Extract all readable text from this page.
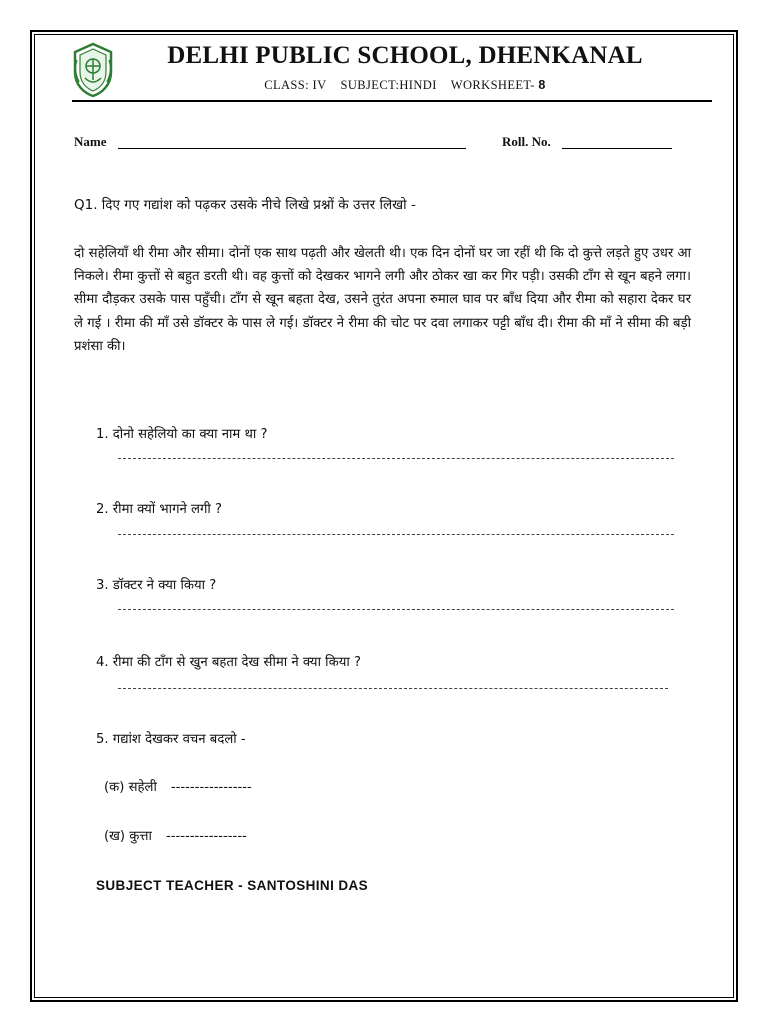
DELHI PUBLIC SCHOOL, DHENKANAL
CLASS: IV SUBJECT:HINDI WORKSHEET- 8
Name	Roll. No.
Q1. दिए गए गद्यांश को पढ़कर उसके नीचे लिखे प्रश्नों के उत्तर लिखो -
दो सहेलियाँ थी रीमा और सीमा। दोनों एक साथ पढ़ती और खेलती थी। एक दिन दोनों घर जा रहीं थी कि दो कुत्ते लड़ते हुए उधर आ निकले। रीमा कुत्तों से बहुत डरती थी। वह कुत्तों को देखकर भागने लगी और ठोकर खा कर गिर पड़ी। उसकी टाँग से खून बहने लगा। सीमा दौड़कर उसके पास पहुँची। टाँग से खून बहता देख, उसने तुरंत अपना रुमाल घाव पर बाँध दिया और रीमा को सहारा देकर घर ले गई । रीमा की माँ उसे डॉक्टर के पास ले गई। डॉक्टर ने रीमा की चोट पर दवा लगाकर पट्टी बाँध दी। रीमा की माँ ने सीमा की बड़ी प्रशंसा की।
1. दोनो सहेलियो का क्या नाम था ?
2. रीमा क्यों भागने लगी ?
3. डॉक्टर ने क्या किया ?
4. रीमा की टाँग से खुन बहता देख सीमा ने क्या किया ?
5. गद्यांश देखकर वचन बदलो -
(क) सहेली -----------------
(ख) कुत्ता -----------------
SUBJECT TEACHER - SANTOSHINI DAS
